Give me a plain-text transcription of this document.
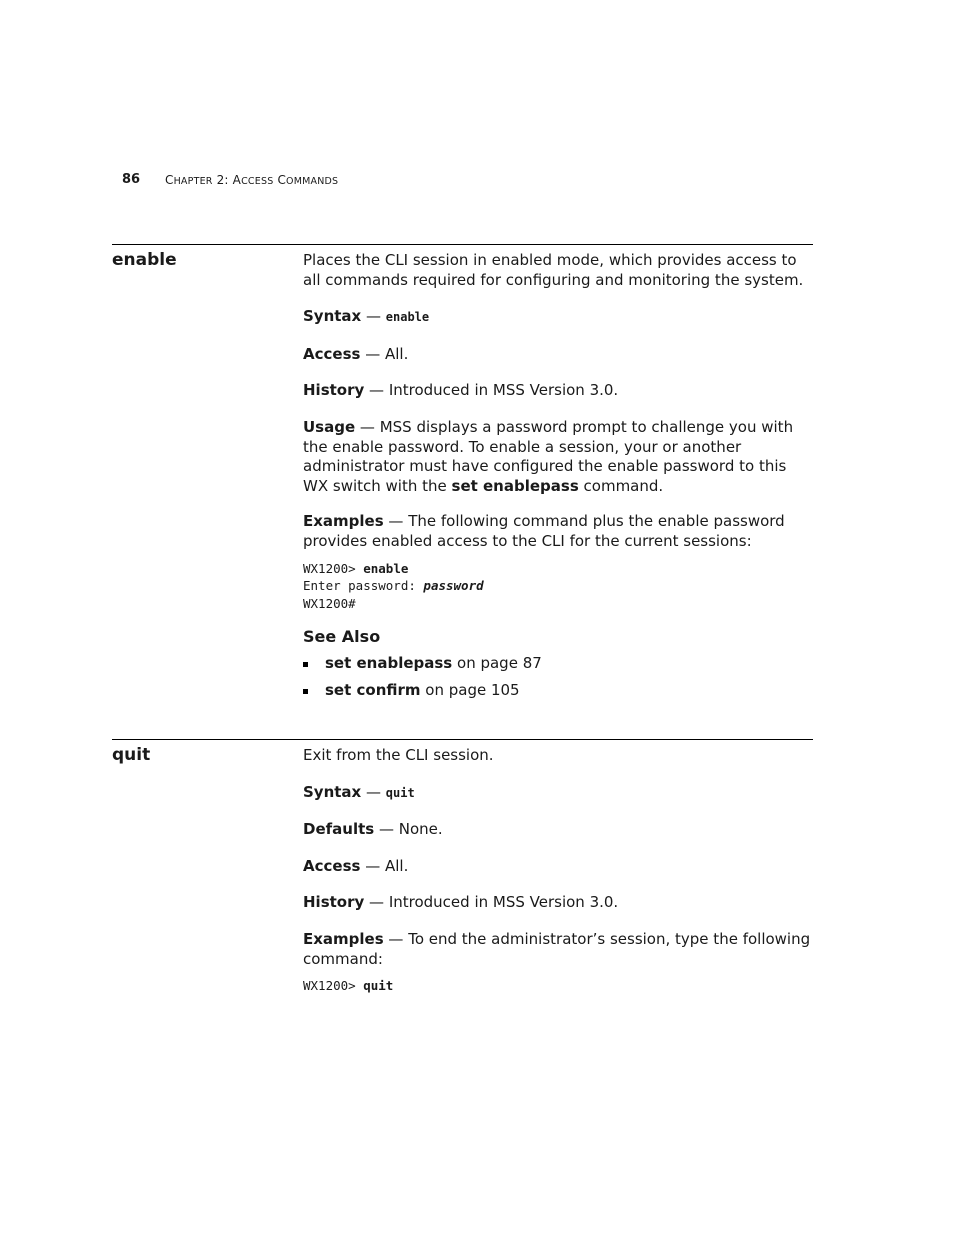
86 CHAPTER 2: ACCESS COMMANDS
enable	Places the CLI session in enabled mode, which provides access to all commands required for configuring and monitoring the system.

Syntax — enable

Access — All.

History — Introduced in MSS Version 3.0.

Usage — MSS displays a password prompt to challenge you with the enable password. To enable a session, your or another administrator must have configured the enable password to this WX switch with the set enablepass command.

Examples — The following command plus the enable password provides enabled access to the CLI for the current sessions:

WX1200> enable
Enter password: password
WX1200#

See Also

set enablepass on page 87
set confirm on page 105
quit	Exit from the CLI session.

Syntax — quit

Defaults — None.

Access — All.

History — Introduced in MSS Version 3.0.

Examples — To end the administrator’s session, type the following command:

WX1200> quit
